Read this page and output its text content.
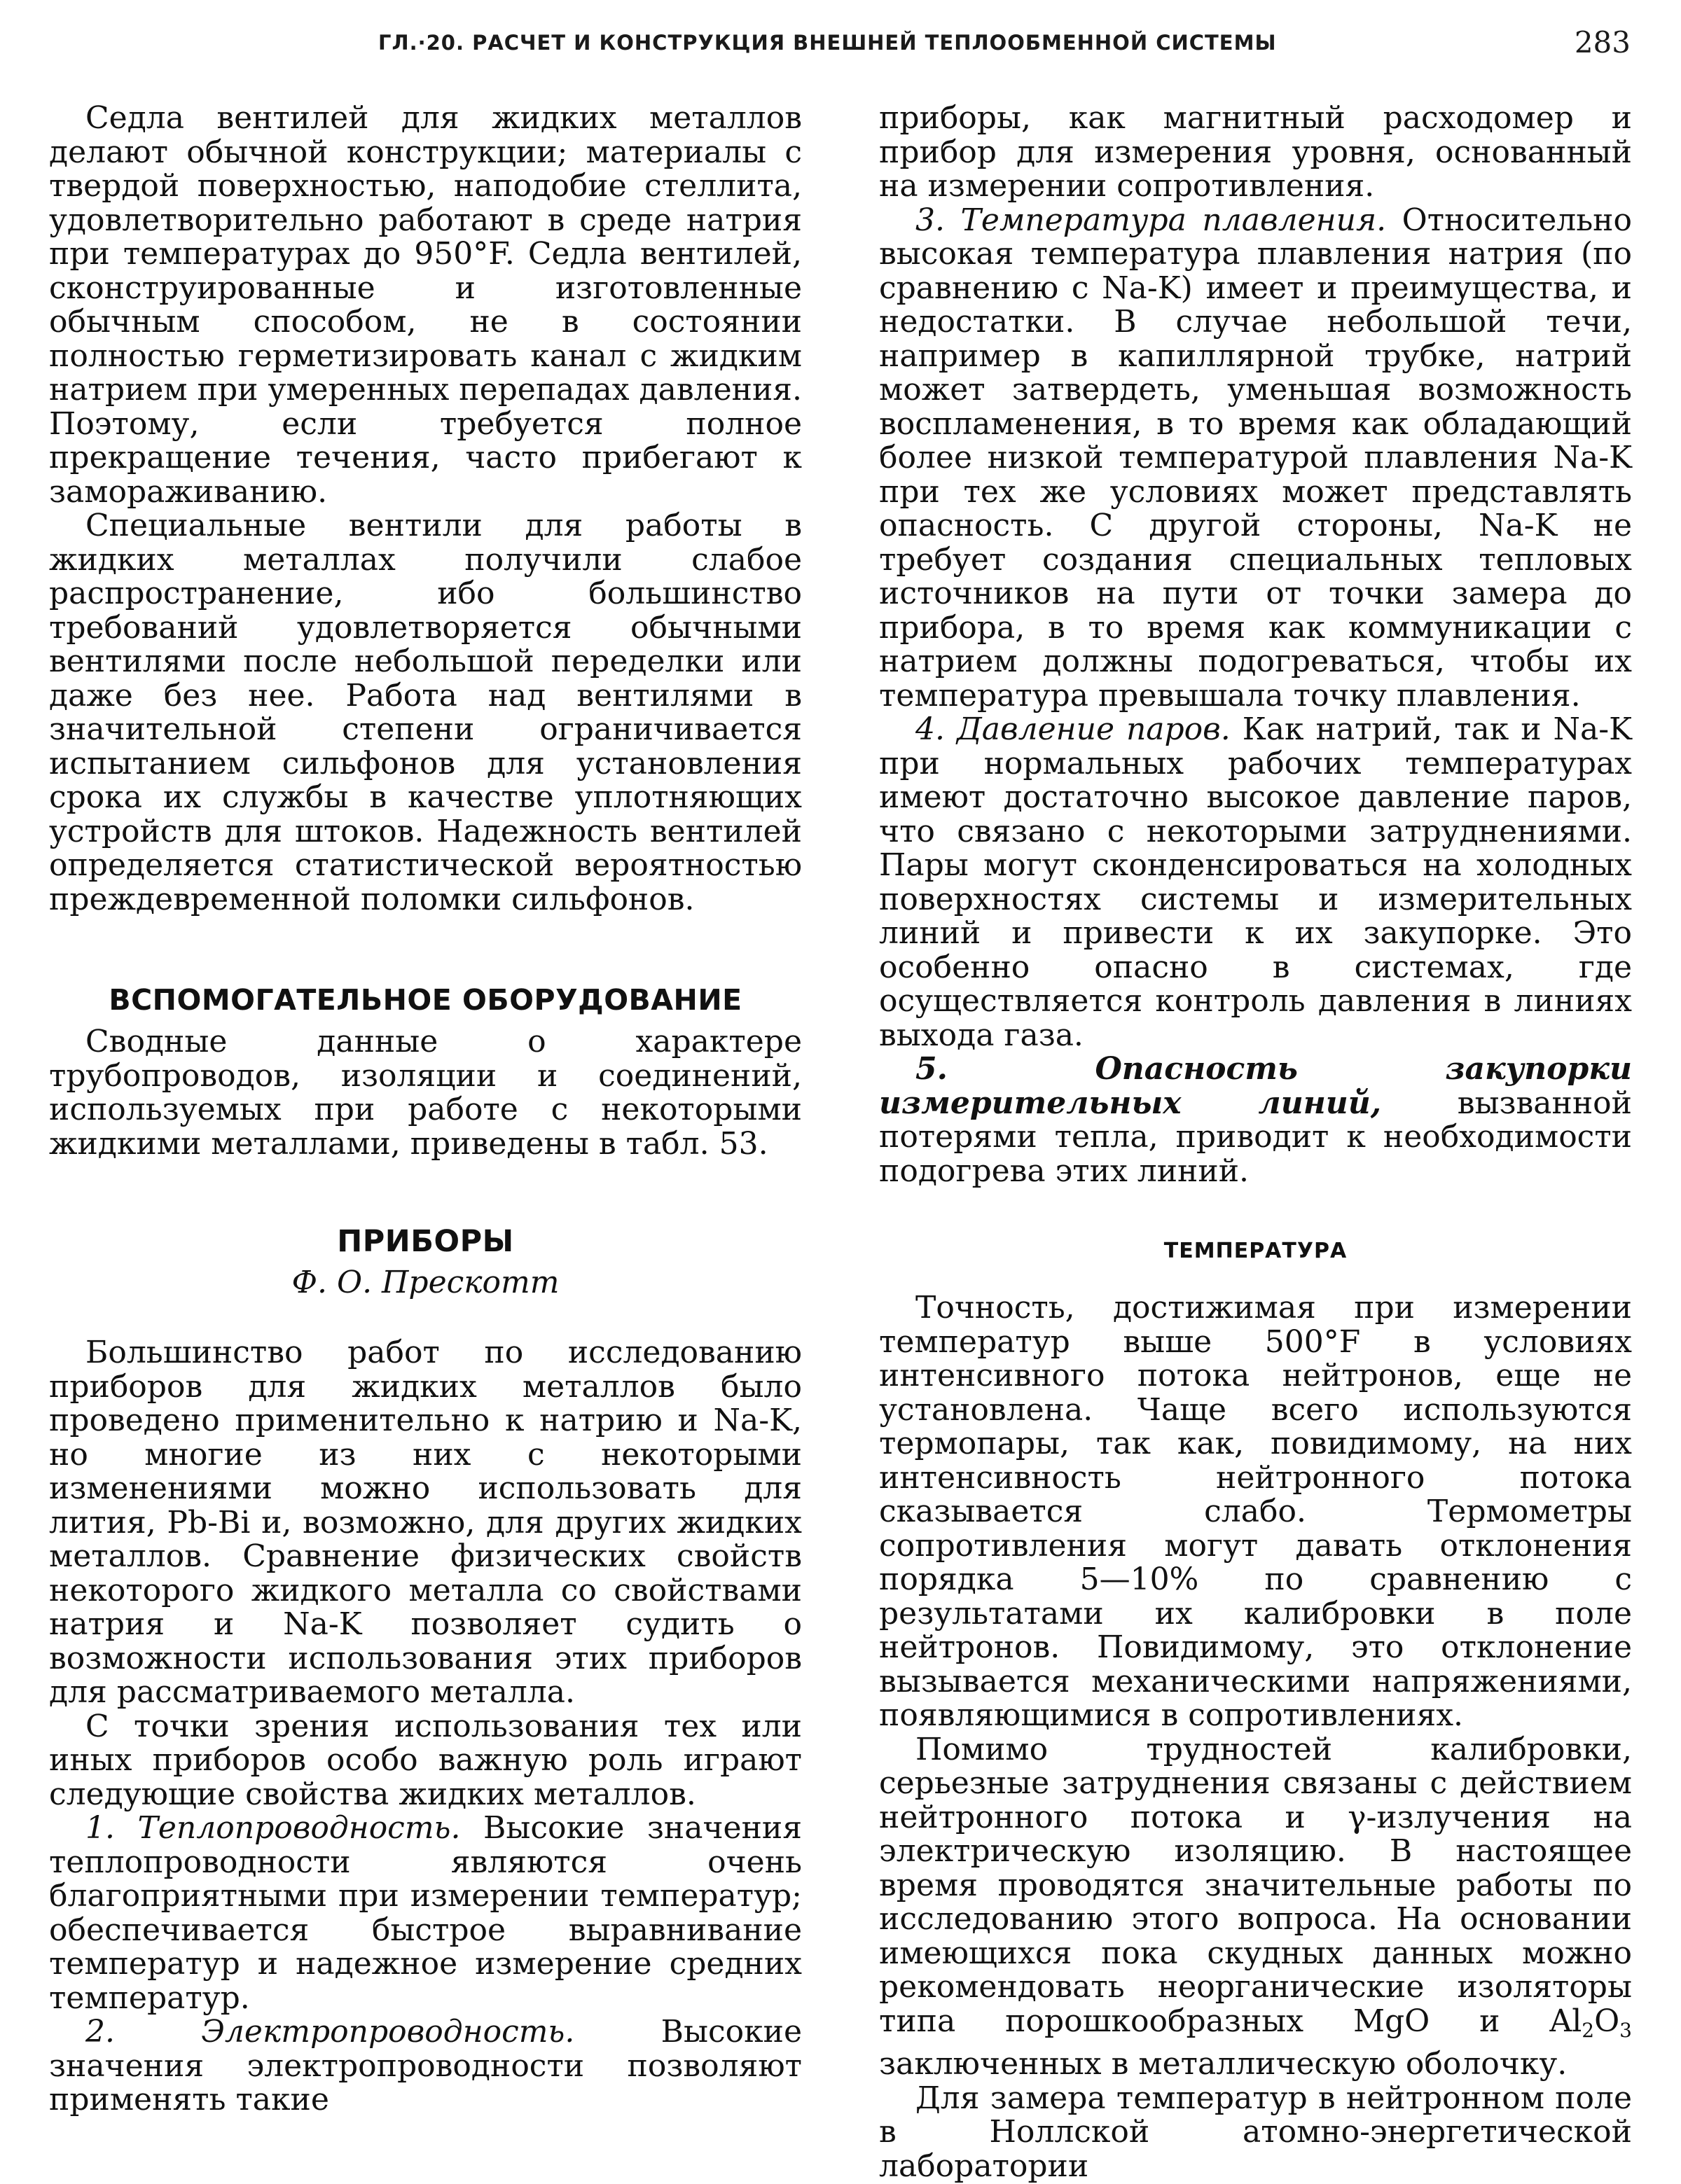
ГЛ.·20. РАСЧЕТ И КОНСТРУКЦИЯ ВНЕШНЕЙ ТЕПЛООБМЕННОЙ СИСТЕМЫ	283

Седла вентилей для жидких металлов делают обычной конструкции; материалы с твердой поверхностью, наподобие стеллита, удовлетворительно работают в среде натрия при температурах до 950°F. Седла вентилей, сконструированные и изготовленные обычным способом, не в состоянии полностью герметизировать канал с жидким натрием при умеренных перепадах давления. Поэтому, если требуется полное прекращение течения, часто прибегают к замораживанию.

Специальные вентили для работы в жидких металлах получили слабое распространение, ибо большинство требований удовлетворяется обычными вентилями после небольшой переделки или даже без нее. Работа над вентилями в значительной степени ограничивается испытанием сильфонов для установления срока их службы в качестве уплотняющих устройств для штоков. Надежность вентилей определяется статистической вероятностью преждевременной поломки сильфонов.

ВСПОМОГАТЕЛЬНОЕ ОБОРУДОВАНИЕ

Сводные данные о характере трубопроводов, изоляции и соединений, используемых при работе с некоторыми жидкими металлами, приведены в табл. 53.

ПРИБОРЫ
Ф. О. Прескотт

Большинство работ по исследованию приборов для жидких металлов было проведено применительно к натрию и Na-K, но многие из них с некоторыми изменениями можно использовать для лития, Pb-Bi и, возможно, для других жидких металлов. Сравнение физических свойств некоторого жидкого металла со свойствами натрия и Na-K позволяет судить о возможности использования этих приборов для рассматриваемого металла.

С точки зрения использования тех или иных приборов особо важную роль играют следующие свойства жидких металлов.

1. Теплопроводность. Высокие значения теплопроводности являются очень благоприятными при измерении температур; обеспечивается быстрое выравнивание температур и надежное измерение средних температур.

2. Электропроводность. Высокие значения электропроводности позволяют применять такие

приборы, как магнитный расходомер и прибор для измерения уровня, основанный на измерении сопротивления.

3. Температура плавления. Относительно высокая температура плавления натрия (по сравнению с Na-K) имеет и преимущества, и недостатки. В случае небольшой течи, например в капиллярной трубке, натрий может затвердеть, уменьшая возможность воспламенения, в то время как обладающий более низкой температурой плавления Na-K при тех же условиях может представлять опасность. С другой стороны, Na-K не требует создания специальных тепловых источников на пути от точки замера до прибора, в то время как коммуникации с натрием должны подогреваться, чтобы их температура превышала точку плавления.

4. Давление паров. Как натрий, так и Na-K при нормальных рабочих температурах имеют достаточно высокое давление паров, что связано с некоторыми затруднениями. Пары могут сконденсироваться на холодных поверхностях системы и измерительных линий и привести к их закупорке. Это особенно опасно в системах, где осуществляется контроль давления в линиях выхода газа.

5. Опасность закупорки измерительных линий, вызванной потерями тепла, приводит к необходимости подогрева этих линий.

ТЕМПЕРАТУРА

Точность, достижимая при измерении температур выше 500°F в условиях интенсивного потока нейтронов, еще не установлена. Чаще всего используются термопары, так как, повидимому, на них интенсивность нейтронного потока сказывается слабо. Термометры сопротивления могут давать отклонения порядка 5—10% по сравнению с результатами их калибровки в поле нейтронов. Повидимому, это отклонение вызывается механическими напряжениями, появляющимися в сопротивлениях.

Помимо трудностей калибровки, серьезные затруднения связаны с действием нейтронного потока и γ-излучения на электрическую изоляцию. В настоящее время проводятся значительные работы по исследованию этого вопроса. На основании имеющихся пока скудных данных можно рекомендовать неорганические изоляторы типа порошкообразных MgO и $Al_2O_3$ заключенных в металлическую оболочку.

Для замера температур в нейтронном поле в Ноллской атомно-энергетической лаборатории
